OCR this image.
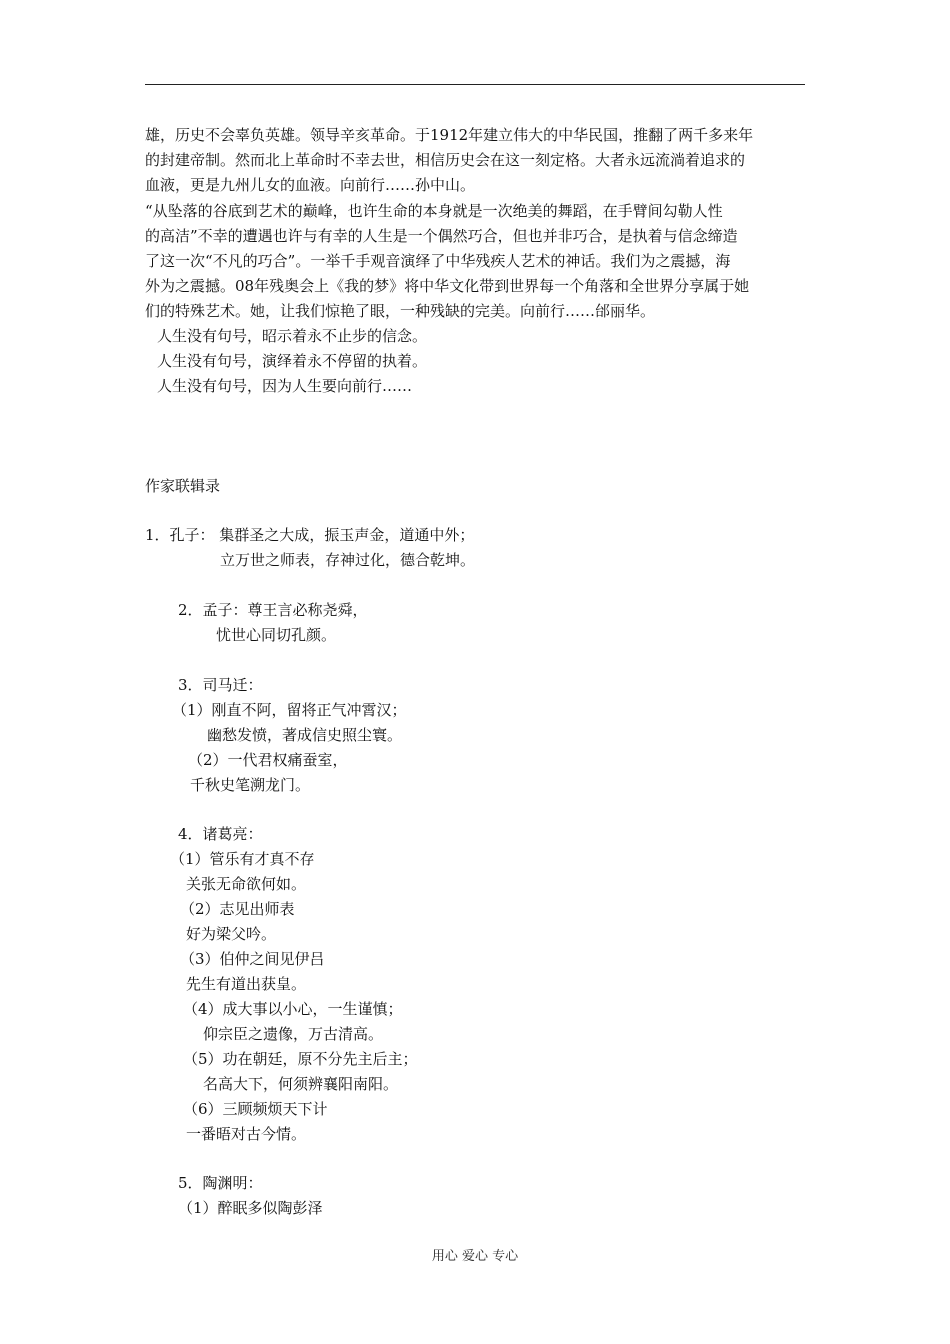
雄，历史不会辜负英雄。领导辛亥革命。于1912年建立伟大的中华民国，推翻了两千多来年
的封建帝制。然而北上革命时不幸去世，相信历史会在这一刻定格。大者永远流淌着追求的
血液，更是九州儿女的血液。向前行……孙中山。
“从坠落的谷底到艺术的巅峰，也许生命的本身就是一次绝美的舞蹈，在手臂间勾勒人性
的高洁”不幸的遭遇也许与有幸的人生是一个偶然巧合，但也并非巧合，是执着与信念缔造
了这一次“不凡的巧合”。一举千手观音演绎了中华残疾人艺术的神话。我们为之震撼，海
外为之震撼。08年残奥会上《我的梦》将中华文化带到世界每一个角落和全世界分享属于她
们的特殊艺术。她，让我们惊艳了眼，一种残缺的完美。向前行……邰丽华。
人生没有句号，昭示着永不止步的信念。
人生没有句号，演绎着永不停留的执着。
人生没有句号，因为人生要向前行……
作家联辑录
1．孔子： 集群圣之大成，振玉声金，道通中外；
立万世之师表，存神过化，德合乾坤。
2．孟子：尊王言必称尧舜，
忧世心同切孔颜。
3．司马迁：
（1）刚直不阿，留将正气冲霄汉；
幽愁发愤，著成信史照尘寰。
（2）一代君权痛蚕室，
千秋史笔溯龙门。
4．诸葛亮：
（1）管乐有才真不存
关张无命欲何如。
（2）志见出师表
好为梁父吟。
（3）伯仲之间见伊吕
先生有道出获皇。
（4）成大事以小心，一生谨慎；
仰宗臣之遗像，万古清高。
（5）功在朝廷，原不分先主后主；
名高大下，何须辨襄阳南阳。
（6）三顾频烦天下计
一番晤对古今情。
5．陶渊明：
（1）醉眠多似陶彭泽
用心 爱心 专心
